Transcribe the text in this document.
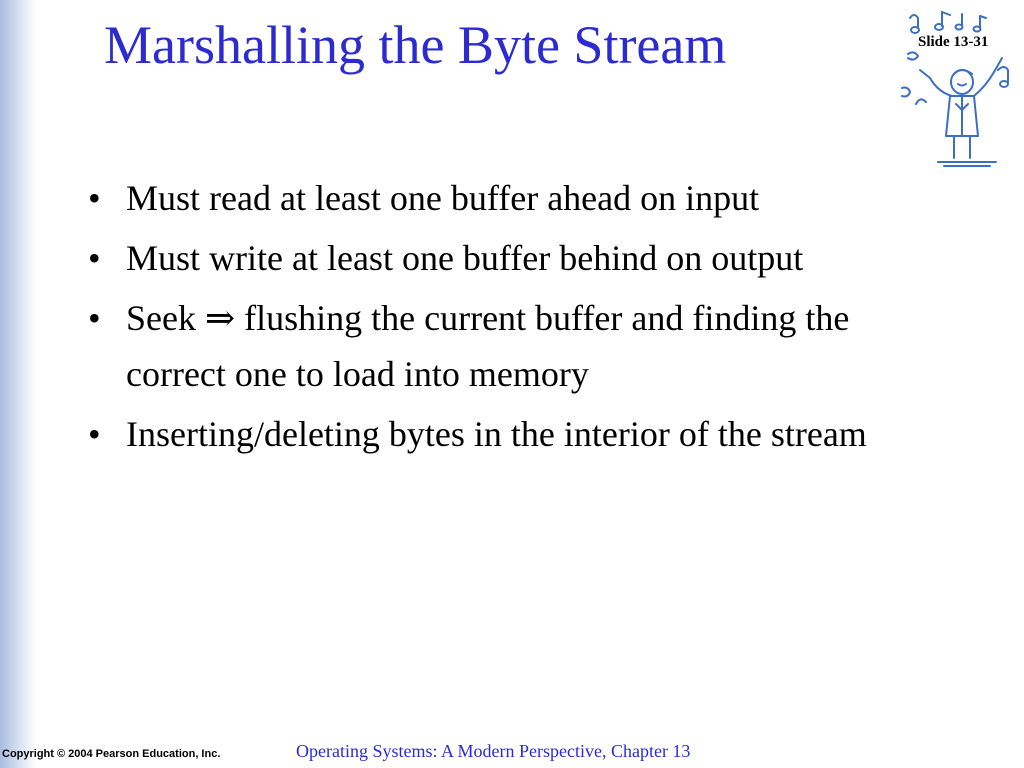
Marshalling the Byte Stream	Slide 13-31
• Must read at least one buffer ahead on input
• Must write at least one buffer behind on output
• Seek ⇒ flushing the current buffer and finding the correct one to load into memory
• Inserting/deleting bytes in the interior of the stream
Copyright © 2004 Pearson Education, Inc.	Operating Systems: A Modern Perspective, Chapter 13
